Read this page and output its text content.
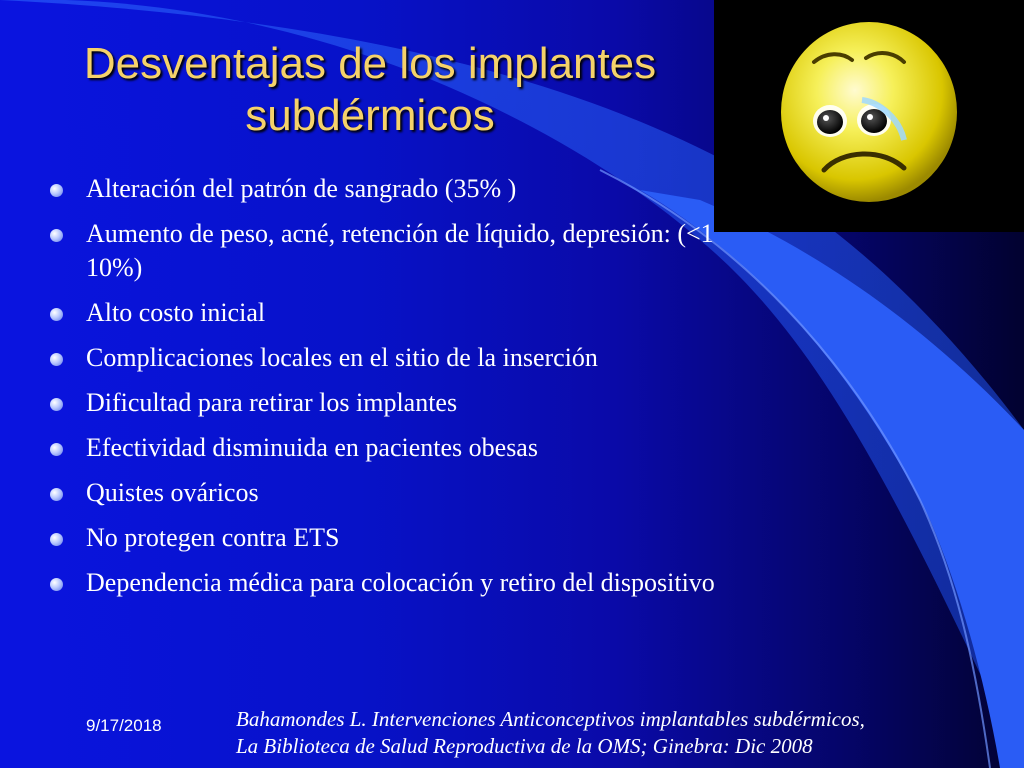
Desventajas de los implantes
subdérmicos
Alteración del patrón de sangrado (35% )
Aumento de peso, acné, retención de líquido, depresión: (<1
10%)
Alto costo inicial
Complicaciones locales en el sitio de la inserción
Dificultad para retirar los implantes
Efectividad disminuida en pacientes obesas
Quistes ováricos
No protegen contra ETS
Dependencia médica para colocación y retiro del dispositivo
9/17/2018	Bahamondes L. Intervenciones Anticonceptivos implantables subdérmicos,
La Biblioteca de Salud Reproductiva de la OMS; Ginebra: Dic 2008
